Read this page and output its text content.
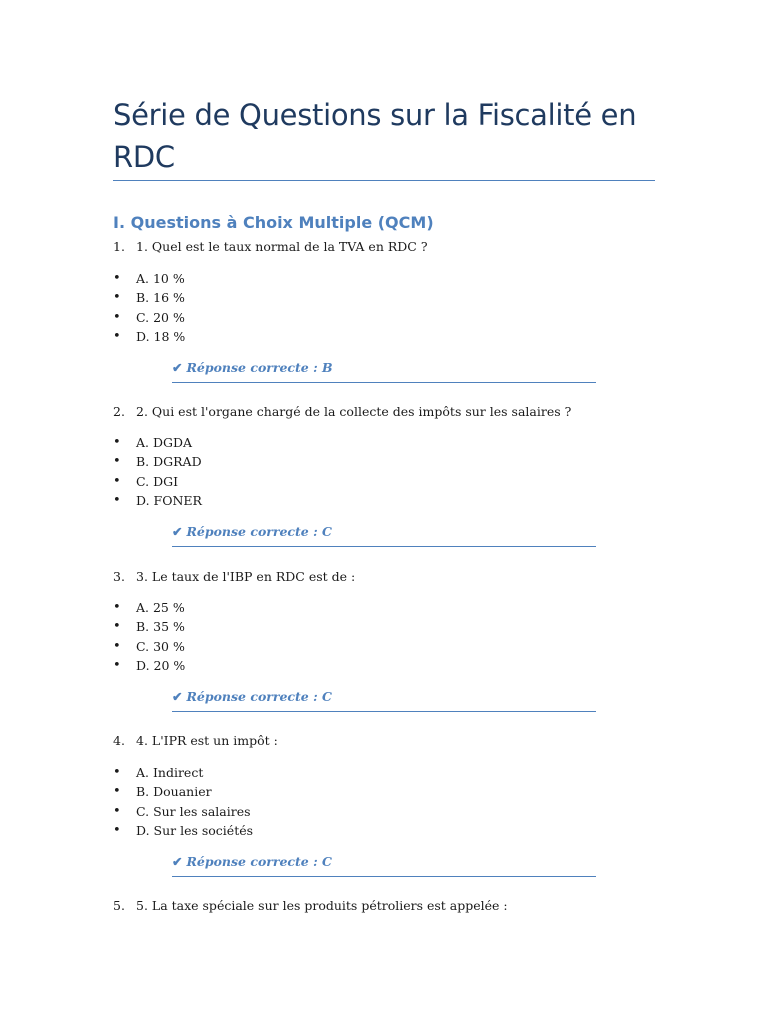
Série de Questions sur la Fiscalité en RDC
I. Questions à Choix Multiple (QCM)
1. 1. Quel est le taux normal de la TVA en RDC ?
• A. 10 %
• B. 16 %
• C. 20 %
• D. 18 %
✔ Réponse correcte : B
2. 2. Qui est l'organe chargé de la collecte des impôts sur les salaires ?
• A. DGDA
• B. DGRAD
• C. DGI
• D. FONER
✔ Réponse correcte : C
3. 3. Le taux de l'IBP en RDC est de :
• A. 25 %
• B. 35 %
• C. 30 %
• D. 20 %
✔ Réponse correcte : C
4. 4. L'IPR est un impôt :
• A. Indirect
• B. Douanier
• C. Sur les salaires
• D. Sur les sociétés
✔ Réponse correcte : C
5. 5. La taxe spéciale sur les produits pétroliers est appelée :
